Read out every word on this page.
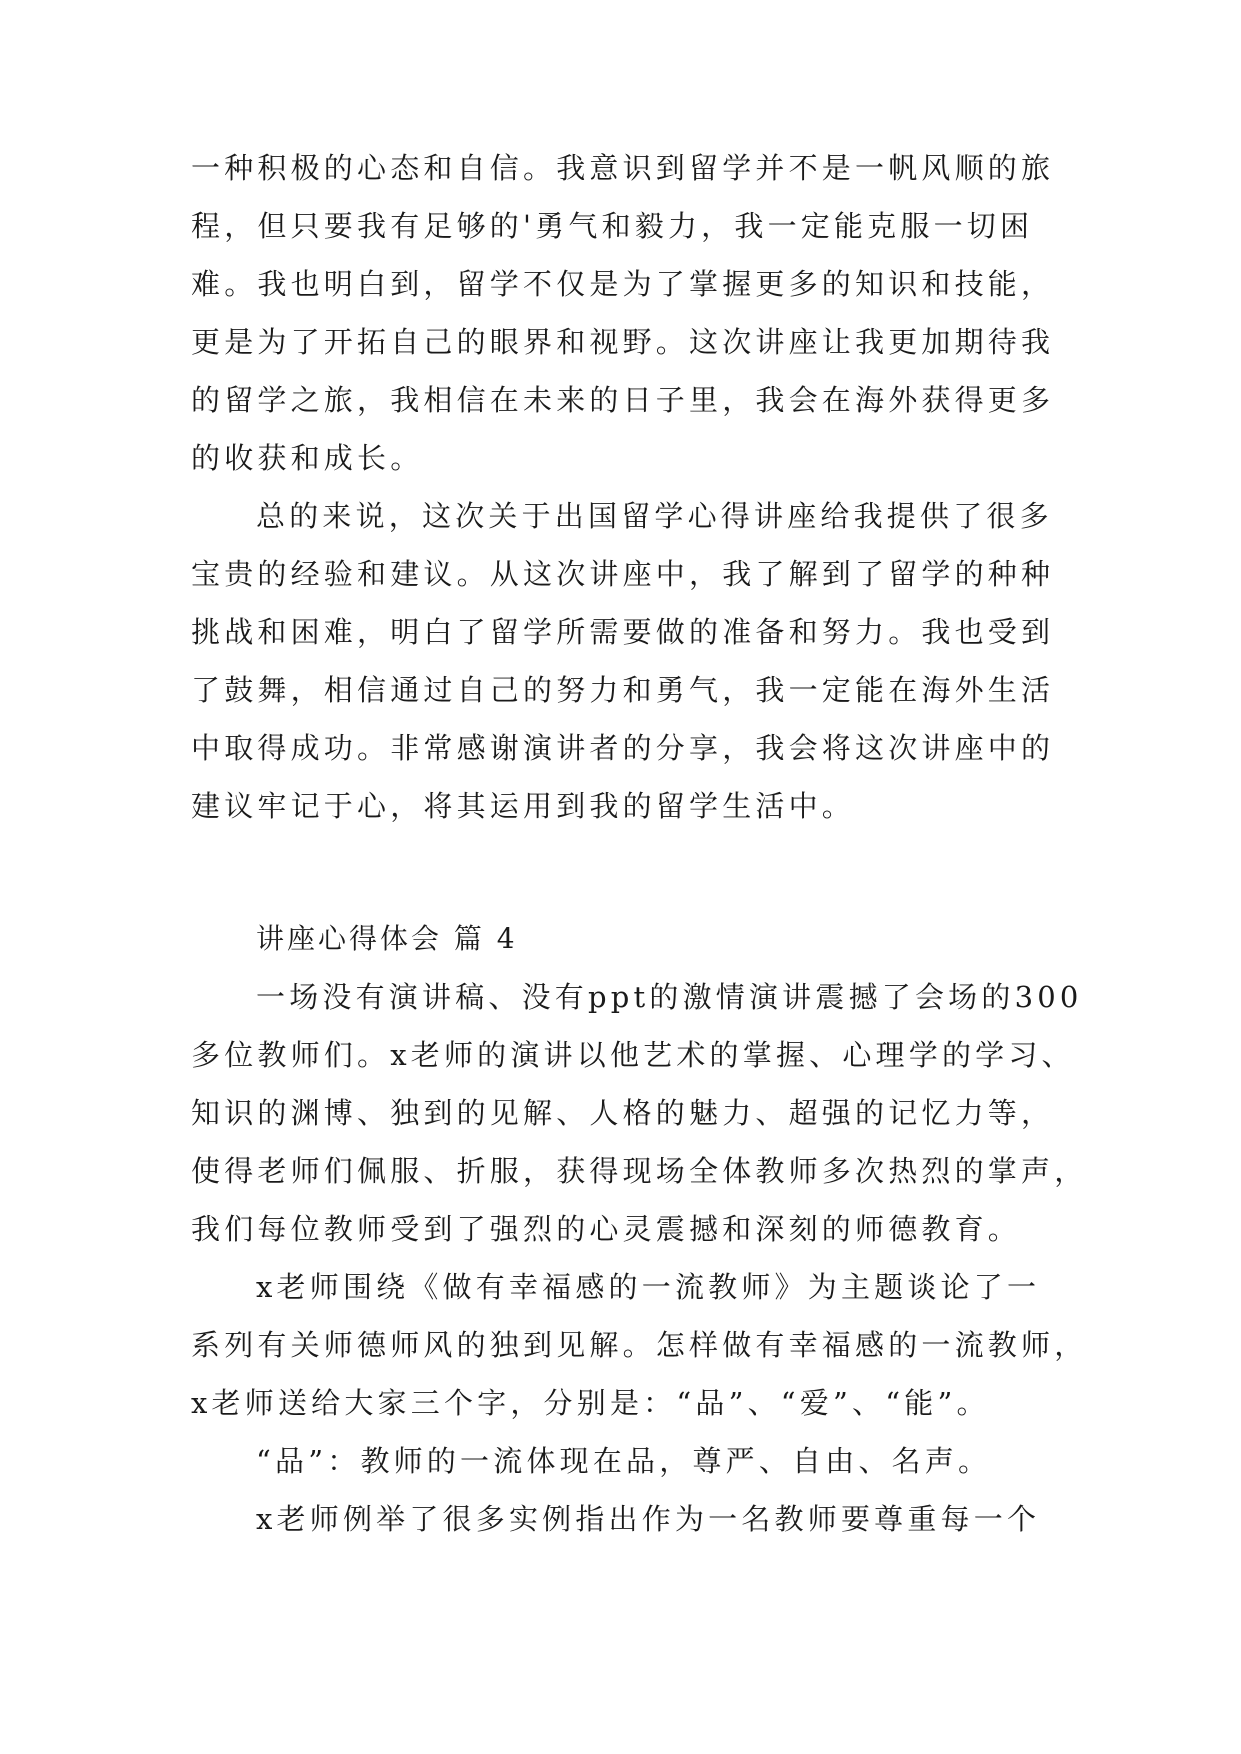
一种积极的心态和自信。我意识到留学并不是一帆风顺的旅
程，但只要我有足够的'勇气和毅力，我一定能克服一切困
难。我也明白到，留学不仅是为了掌握更多的知识和技能，
更是为了开拓自己的眼界和视野。这次讲座让我更加期待我
的留学之旅，我相信在未来的日子里，我会在海外获得更多
的收获和成长。
总的来说，这次关于出国留学心得讲座给我提供了很多
宝贵的经验和建议。从这次讲座中，我了解到了留学的种种
挑战和困难，明白了留学所需要做的准备和努力。我也受到
了鼓舞，相信通过自己的努力和勇气，我一定能在海外生活
中取得成功。非常感谢演讲者的分享，我会将这次讲座中的
建议牢记于心，将其运用到我的留学生活中。
讲座心得体会 篇 4
一场没有演讲稿、没有ppt的激情演讲震撼了会场的300
多位教师们。x老师的演讲以他艺术的掌握、心理学的学习、
知识的渊博、独到的见解、人格的魅力、超强的记忆力等，
使得老师们佩服、折服，获得现场全体教师多次热烈的掌声，
我们每位教师受到了强烈的心灵震撼和深刻的师德教育。
x老师围绕《做有幸福感的一流教师》为主题谈论了一
系列有关师德师风的独到见解。怎样做有幸福感的一流教师，
x老师送给大家三个字，分别是：“品”、“爱”、“能”。
“品”：教师的一流体现在品，尊严、自由、名声。
x老师例举了很多实例指出作为一名教师要尊重每一个
